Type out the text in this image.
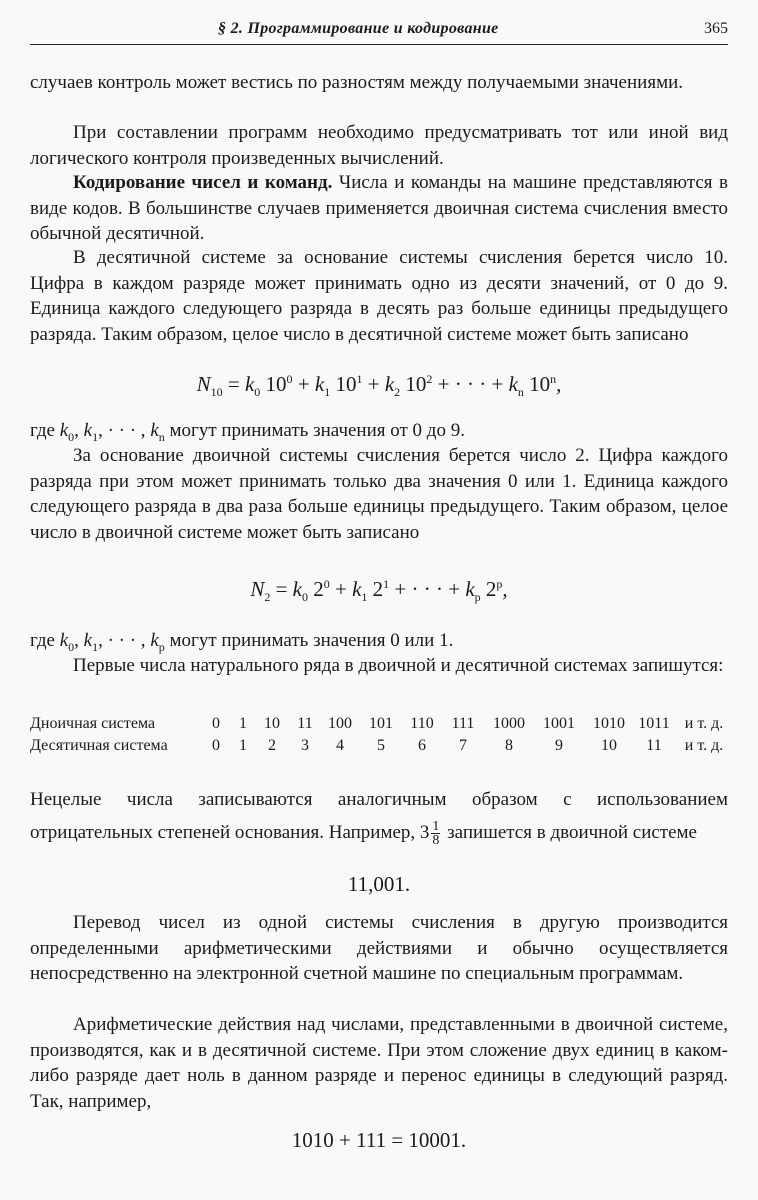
§ 2. Программирование и кодирование	365

случаев контроль может вестись по разностям между получаемыми значениями.

При составлении программ необходимо предусматривать тот или иной вид логического контроля произведенных вычислений.

Кодирование чисел и команд. Числа и команды на машине представляются в виде кодов. В большинстве случаев применяется двоичная система счисления вместо обычной десятичной.

В десятичной системе за основание системы счисления берется число 10. Цифра в каждом разряде может принимать одно из десяти значений, от 0 до 9. Единица каждого следующего разряда в десять раз больше единицы предыдущего разряда. Таким образом, целое число в десятичной системе может быть записано

$N_{10} = k_0$ $10^0 + k_1$ $10^1 + k_2$ $10^2$ + · · · + $k_n$ 10$^n$,

где $k_0$, $k_1$, · · · , $k_n$ могут принимать значения от 0 до 9.

За основание двоичной системы счисления берется число 2. Цифра каждого разряда при этом может принимать только два значения 0 или 1. Единица каждого следующего разряда в два раза больше единицы предыдущего. Таким образом, целое число в двоичной системе может быть записано

$N_2 = k_0$ $2^0 + k_1$ $2^1$ + · · · + $k_p$ 2$^p$,

где $k_0$, $k_1$, · · · , $k_p$ могут принимать значения 0 или 1.

Первые числа натурального ряда в двоичной и десятичной системах запишутся:

Дноичная система	0	1	10	11	100	101	110	111	1000	1001	1010	1011	и т. д.
Десятичная система	0	1	2	3	4	5	6	7	8	9	10	11	и т. д.

Нецелые числа записываются аналогичным образом с использованием отрицательных степеней основания. Например, $3 \frac{1}{8}$ запишется в двоичной системе

11,001.

Перевод чисел из одной системы счисления в другую производится определенными арифметическими действиями и обычно осуществляется непосредственно на электронной счетной машине по специальным программам.

Арифметические действия над числами, представленными в двоичной системе, производятся, как и в десятичной системе. При этом сложение двух единиц в каком-либо разряде дает ноль в данном разряде и перенос единицы в следующий разряд. Так, например,

1010 + 111 = 10001.
